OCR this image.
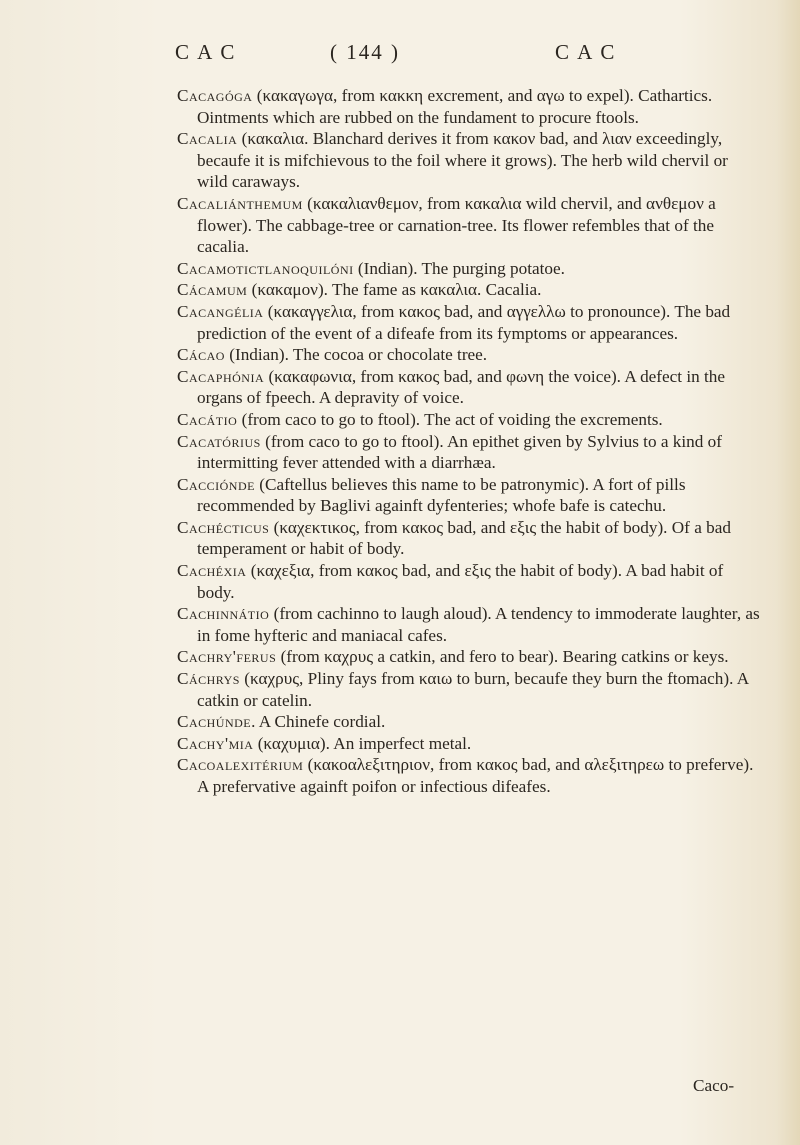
C A C	( 144 )	C A C

Cacagóga (κακαγωγα, from κακκη excrement, and αγω to expel). Cathartics. Ointments which are rubbed on the fundament to procure ftools.

Cacalia (κακαλια. Blanchard derives it from κακον bad, and λιαν exceedingly, becaufe it is mifchievous to the foil where it grows). The herb wild chervil or wild caraways.

Cacaliánthemum (κακαλιανθεμον, from κακαλια wild chervil, and ανθεμον a flower). The cabbage-tree or carnation-tree. Its flower refembles that of the cacalia.

Cacamotictlanoquilóni (Indian). The purging potatoe.

Cácamum (κακαμον). The fame as κακαλια. Cacalia.

Cacangélia (κακαγγελια, from κακος bad, and αγγελλω to pronounce). The bad prediction of the event of a difeafe from its fymptoms or appearances.

Cácao (Indian). The cocoa or chocolate tree.

Cacaphónia (κακαφωνια, from κακος bad, and φωνη the voice). A defect in the organs of fpeech. A depravity of voice.

Cacátio (from caco to go to ftool). The act of voiding the excrements.

Cacatórius (from caco to go to ftool). An epithet given by Sylvius to a kind of intermitting fever attended with a diarrhæa.

Cacciónde (Caftellus believes this name to be patronymic). A fort of pills recommended by Baglivi againft dyfenteries; whofe bafe is catechu.

Cachécticus (καχεκτικος, from κακος bad, and εξις the habit of body). Of a bad temperament or habit of body.

Cachéxia (καχεξια, from κακος bad, and εξις the habit of body). A bad habit of body.

Cachinnátio (from cachinno to laugh aloud). A tendency to immoderate laughter, as in fome hyfteric and maniacal cafes.

Cachry'ferus (from καχρυς a catkin, and fero to bear). Bearing catkins or keys.

Cáchrys (καχρυς, Pliny fays from καιω to burn, becaufe they burn the ftomach). A catkin or catelin.

Cachúnde. A Chinefe cordial.

Cachy'mia (καχυμια). An imperfect metal.

Cacoalexitérium (κακοαλεξιτηριον, from κακος bad, and αλεξιτηρεω to preferve). A prefervative againft poifon or infectious difeafes.

Caco-
